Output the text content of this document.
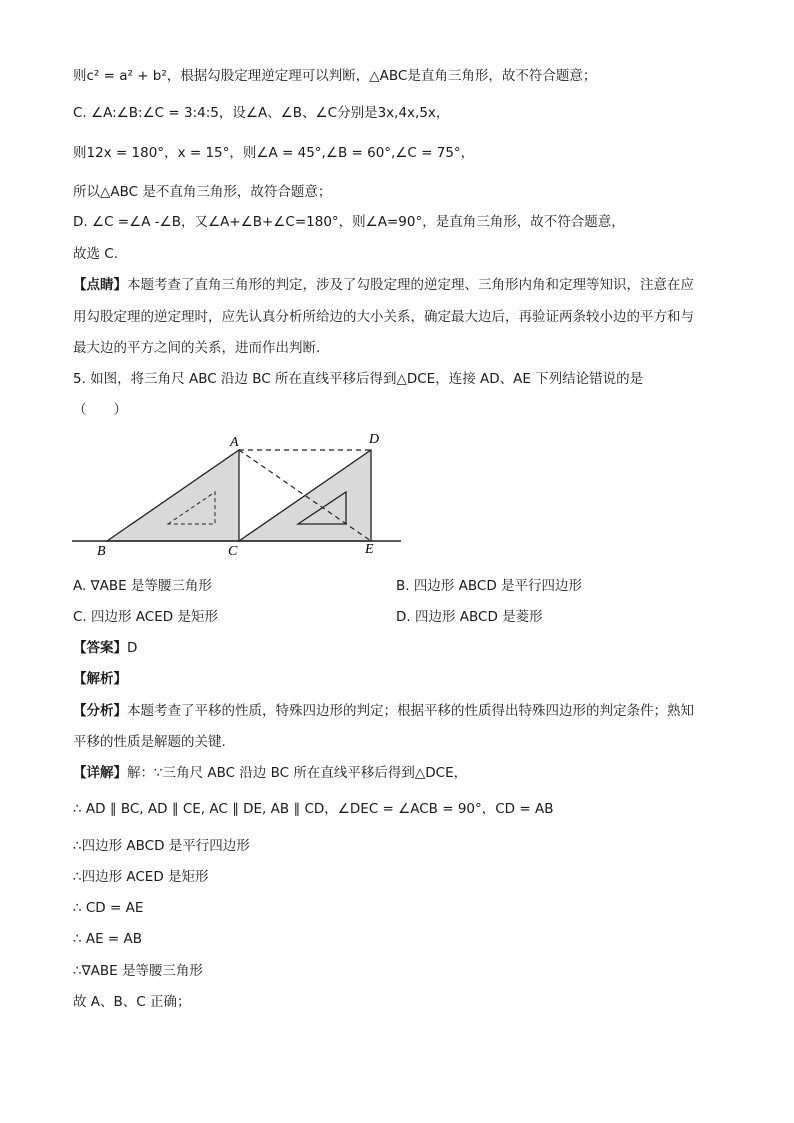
则c² = a² + b²，根据勾股定理逆定理可以判断，△ABC是直角三角形，故不符合题意；
C. ∠A:∠B:∠C = 3:4:5，设∠A、∠B、∠C分别是3x,4x,5x，
则12x = 180°，x = 15°，则∠A = 45°,∠B = 60°,∠C = 75°，
所以△ABC 是不直角三角形，故符合题意；
D. ∠C =∠A -∠B，又∠A+∠B+∠C=180°，则∠A=90°，是直角三角形，故不符合题意，
故选 C.
【点睛】本题考查了直角三角形的判定，涉及了勾股定理的逆定理、三角形内角和定理等知识，注意在应
用勾股定理的逆定理时，应先认真分析所给边的大小关系，确定最大边后，再验证两条较小边的平方和与
最大边的平方之间的关系，进而作出判断.
5. 如图，将三角尺 ABC 沿边 BC 所在直线平移后得到△DCE，连接 AD、AE 下列结论错说的是
（　　）
A	D
B	C	E
A. ∇ABE 是等腰三角形	B. 四边形 ABCD 是平行四边形
C. 四边形 ACED 是矩形	D. 四边形 ABCD 是菱形
【答案】D
【解析】
【分析】本题考查了平移的性质，特殊四边形的判定；根据平移的性质得出特殊四边形的判定条件；熟知
平移的性质是解题的关键.
【详解】解：∵三角尺 ABC 沿边 BC 所在直线平移后得到△DCE，
∴ AD ∥ BC, AD ∥ CE, AC ∥ DE, AB ∥ CD，∠DEC = ∠ACB = 90°，CD = AB
∴四边形 ABCD 是平行四边形
∴四边形 ACED 是矩形
∴ CD = AE
∴ AE = AB
∴∇ABE 是等腰三角形
故 A、B、C 正确；
